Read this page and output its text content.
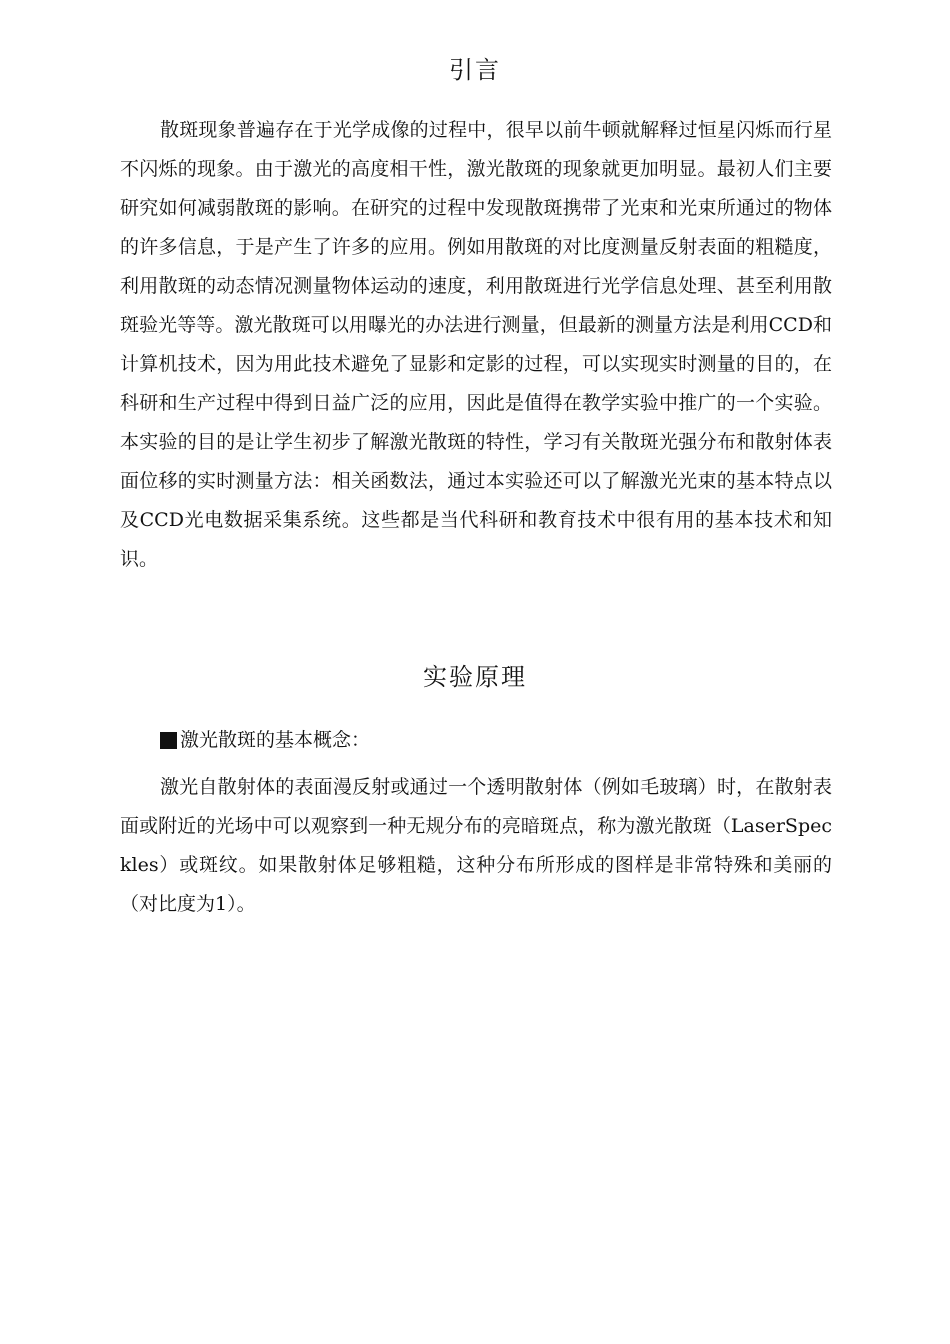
引言
散斑现象普遍存在于光学成像的过程中，很早以前牛顿就解释过恒星闪烁而行星不闪烁的现象。由于激光的高度相干性，激光散斑的现象就更加明显。最初人们主要研究如何减弱散斑的影响。在研究的过程中发现散斑携带了光束和光束所通过的物体的许多信息，于是产生了许多的应用。例如用散斑的对比度测量反射表面的粗糙度，利用散斑的动态情况测量物体运动的速度，利用散斑进行光学信息处理、甚至利用散斑验光等等。激光散斑可以用曝光的办法进行测量，但最新的测量方法是利用CCD和计算机技术，因为用此技术避免了显影和定影的过程，可以实现实时测量的目的，在科研和生产过程中得到日益广泛的应用，因此是值得在教学实验中推广的一个实验。本实验的目的是让学生初步了解激光散斑的特性，学习有关散斑光强分布和散射体表面位移的实时测量方法：相关函数法，通过本实验还可以了解激光光束的基本特点以及CCD光电数据采集系统。这些都是当代科研和教育技术中很有用的基本技术和知识。
实验原理
激光散斑的基本概念：
激光自散射体的表面漫反射或通过一个透明散射体（例如毛玻璃）时，在散射表面或附近的光场中可以观察到一种无规分布的亮暗斑点，称为激光散斑（LaserSpeckles）或斑纹。如果散射体足够粗糙，这种分布所形成的图样是非常特殊和美丽的（对比度为1）。
